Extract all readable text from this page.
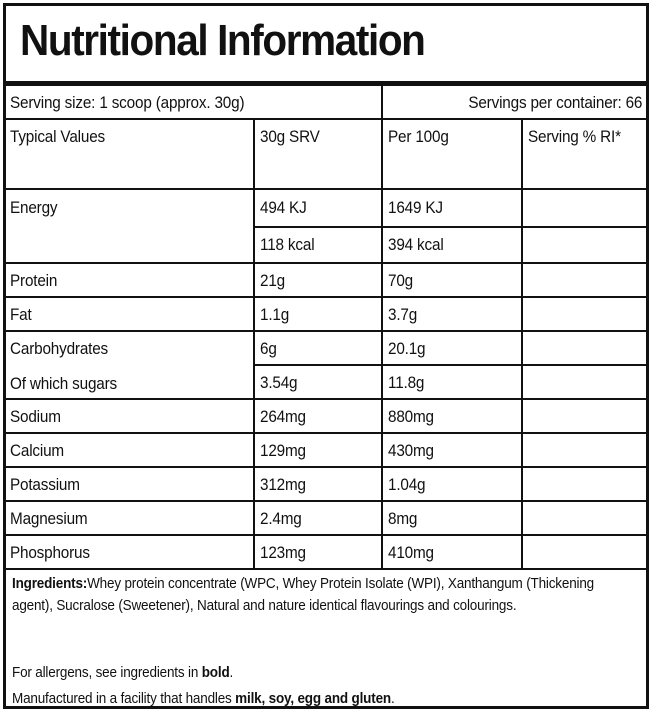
Nutritional Information
Serving size: 1 scoop (approx. 30g)	Servings per container: 66
Typical Values	30g SRV	Per 100g	Serving % RI*
Energy	494 KJ	1649 KJ
118 kcal	394 kcal
Protein	21g	70g
Fat	1.1g	3.7g
Carbohydrates	6g	20.1g
Of which sugars	3.54g	11.8g
Sodium	264mg	880mg
Calcium	129mg	430mg
Potassium	312mg	1.04g
Magnesium	2.4mg	8mg
Phosphorus	123mg	410mg
Ingredients:Whey protein concentrate (WPC, Whey Protein Isolate (WPI), Xanthangum (Thickening agent), Sucralose (Sweetener), Natural and nature identical flavourings and colourings.
For allergens, see ingredients in bold.
Manufactured in a facility that handles milk, soy, egg and gluten.
